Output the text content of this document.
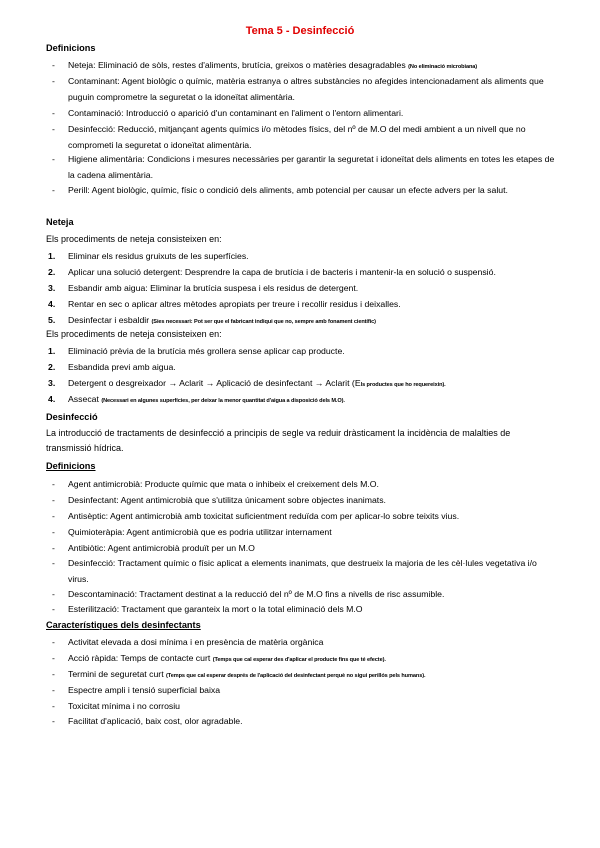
Tema 5 - Desinfecció
Definicions
- Neteja: Eliminació de sòls, restes d'aliments, brutícia, greixos o matèries desagradables (No eliminació microbiana)
- Contaminant: Agent biològic o químic, matèria estranya o altres substàncies no afegides intencionadament als aliments que puguin comprometre la seguretat o la idoneïtat alimentària.
- Contaminació: Introducció o aparició d'un contaminant en l'aliment o l'entorn alimentari.
- Desinfecció: Reducció, mitjançant agents químics i/o mètodes físics, del nº de M.O del medi ambient a un nivell que no comprometi la seguretat o idoneïtat alimentària.
- Higiene alimentària: Condicions i mesures necessàries per garantir la seguretat i idoneïtat dels aliments en totes les etapes de la cadena alimentària.
- Perill: Agent biològic, químic, físic o condició dels aliments, amb potencial per causar un efecte advers per la salut.
Neteja
Els procediments de neteja consisteixen en:
1. Eliminar els residus gruixuts de les superfícies.
2. Aplicar una solució detergent: Desprendre la capa de brutícia i de bacteris i mantenir-la en solució o suspensió.
3. Esbandir amb aigua: Eliminar la brutícia suspesa i els residus de detergent.
4. Rentar en sec o aplicar altres mètodes apropiats per treure i recollir residus i deixalles.
5. Desinfectar i esbaldir (Sies necessari: Pot ser que el fabricant indiqui que no, sempre amb fonament científic)
Els procediments de neteja consisteixen en:
1. Eliminació prèvia de la brutícia més grollera sense aplicar cap producte.
2. Esbandida previ amb aigua.
3. Detergent o desgreixador → Aclarit → Aplicació de desinfectant → Aclarit (Els productes que ho requereixin).
4. Assecat (Necessari en algunes superfícies, per deixar la menor quantitat d'aigua a disposició dels M.O).
Desinfecció
La introducció de tractaments de desinfecció a principis de segle va reduir dràsticament la incidència de malalties de transmissió hídrica.
Definicions
- Agent antimicrobià: Producte químic que mata o inhibeix el creixement dels M.O.
- Desinfectant: Agent antimicrobià que s'utilitza únicament sobre objectes inanimats.
- Antisèptic: Agent antimicrobià amb toxicitat suficientment reduïda com per aplicar-lo sobre teixits vius.
- Quimioteràpia: Agent antimicrobià que es podria utilitzar internament
- Antibiòtic: Agent antimicrobià produït per un M.O
- Desinfecció: Tractament químic o físic aplicat a elements inanimats, que destrueix la majoria de les cèl·lules vegetativa i/o virus.
- Descontaminació: Tractament destinat a la reducció del nº de M.O fins a nivells de risc assumible.
- Esterilització: Tractament que garanteix la mort o la total eliminació dels M.O
Característiques dels desinfectants
- Activitat elevada a dosi mínima i en presència de matèria orgànica
- Acció ràpida: Temps de contacte curt (Temps que cal esperar des d'aplicar el producte fins que té efecte).
- Termini de seguretat curt (Temps que cal esperar després de l'aplicació del desinfectant perquè no sigui perillós pels humans).
- Espectre ampli i tensió superficial baixa
- Toxicitat mínima i no corrosiu
- Facilitat d'aplicació, baix cost, olor agradable.
